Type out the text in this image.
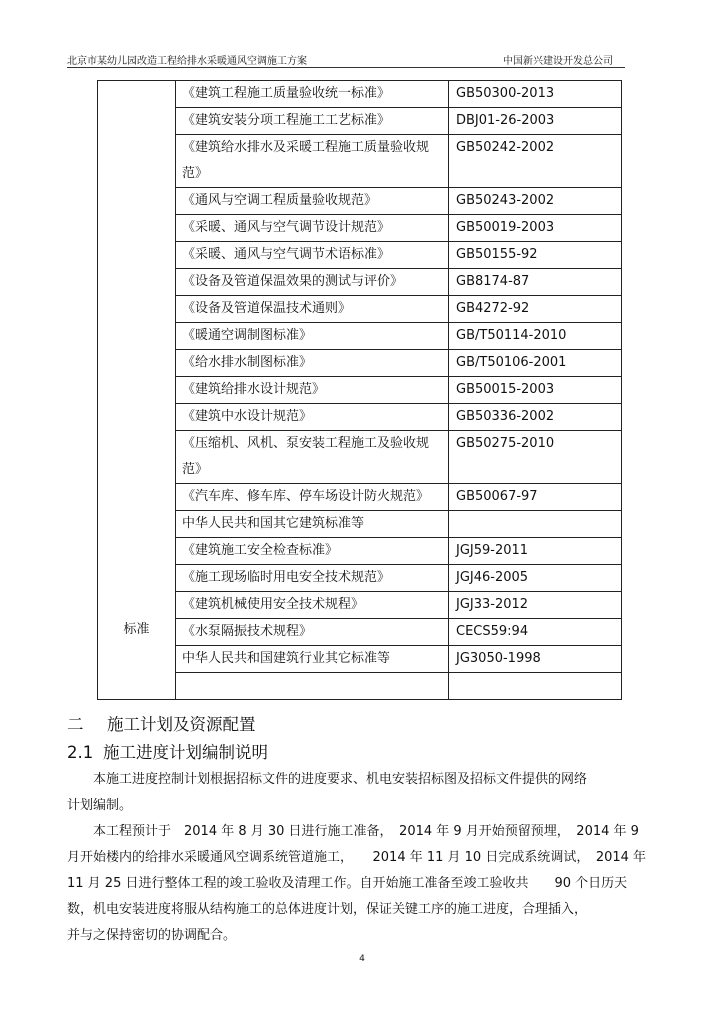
北京市某幼儿园改造工程给排水采暖通风空调施工方案	中国新兴建设开发总公司
标准	《建筑工程施工质量验收统一标准》	GB50300-2013
	《建筑安装分项工程施工工艺标准》	DBJ01-26-2003
	《建筑给水排水及采暖工程施工质量验收规范》	GB50242-2002
	《通风与空调工程质量验收规范》	GB50243-2002
	《采暖、通风与空气调节设计规范》	GB50019-2003
	《采暖、通风与空气调节术语标准》	GB50155-92
	《设备及管道保温效果的测试与评价》	GB8174-87
	《设备及管道保温技术通则》	GB4272-92
	《暖通空调制图标准》	GB/T50114-2010
	《给水排水制图标准》	GB/T50106-2001
	《建筑给排水设计规范》	GB50015-2003
	《建筑中水设计规范》	GB50336-2002
	《压缩机、风机、泵安装工程施工及验收规范》	GB50275-2010
	《汽车库、修车库、停车场设计防火规范》	GB50067-97
	中华人民共和国其它建筑标准等	
	《建筑施工安全检查标准》	JGJ59-2011
	《施工现场临时用电安全技术规范》	JGJ46-2005
	《建筑机械使用安全技术规程》	JGJ33-2012
	《水泵隔振技术规程》	CECS59:94
	中华人民共和国建筑行业其它标准等	JG3050-1998

二 施工计划及资源配置
2.1 施工进度计划编制说明
本施工进度控制计划根据招标文件的进度要求、机电安装招标图及招标文件提供的网络
计划编制。
本工程预计于　2014 年 8 月 30 日进行施工准备，　2014 年 9 月开始预留预埋，　2014 年 9
月开始楼内的给排水采暖通风空调系统管道施工，　　2014 年 11 月 10 日完成系统调试，　2014 年
11 月 25 日进行整体工程的竣工验收及清理工作。自开始施工准备至竣工验收共　　90 个日历天
数，机电安装进度将服从结构施工的总体进度计划，保证关键工序的施工进度，合理插入，
并与之保持密切的协调配合。
4
